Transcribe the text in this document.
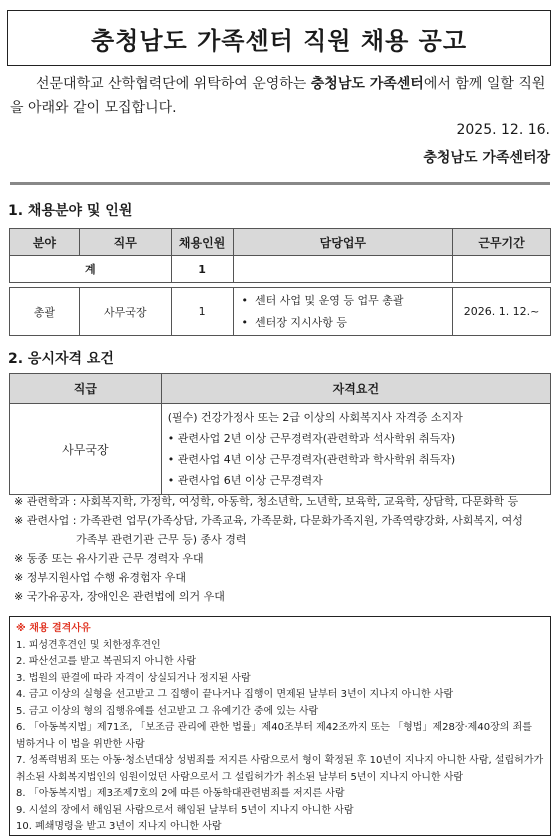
충청남도 가족센터 직원 채용 공고
선문대학교 산학협력단에 위탁하여 운영하는 충청남도 가족센터에서 함께 일할 직원을 아래와 같이 모집합니다.
2025. 12. 16.
충청남도 가족센터장
1. 채용분야 및 인원
분야	직무	채용인원	담당업무	근무기간
계		1		

총괄	사무국장	1	•  센터 사업 및 운영 등 업무 총괄
•  센터장 지시사항 등	2026. 1. 12.~
2. 응시자격 요건
직급	자격요건
사무국장	(필수) 건강가정사 또는 2급 이상의 사회복지사 자격증 소지자
• 관련사업 2년 이상 근무경력자(관련학과 석사학위 취득자)
• 관련사업 4년 이상 근무경력자(관련학과 학사학위 취득자)
• 관련사업 6년 이상 근무경력자
※ 관련학과 : 사회복지학, 가정학, 여성학, 아동학, 청소년학, 노년학, 보육학, 교육학, 상담학, 다문화학 등
※ 관련사업 : 가족관련 업무(가족상담, 가족교육, 가족문화, 다문화가족지원, 가족역량강화, 사회복지, 여성
가족부 관련기관 근무 등) 종사 경력
※ 동종 또는 유사기관 근무 경력자 우대
※ 정부지원사업 수행 유경험자 우대
※ 국가유공자, 장애인은 관련법에 의거 우대
※ 채용 결격사유
1. 피성견후견인 및 치한정후견인
2. 파산선고를 받고 복권되지 아니한 사람
3. 법원의 판결에 따라 자격이 상실되거나 정지된 사람
4. 금고 이상의 실형을 선고받고 그 집행이 끝나거나 집행이 면제된 날부터 3년이 지나지 아니한 사람
5. 금고 이상의 형의 집행유예를 선고받고 그 유예기간 중에 있는 사람
6. 「아동복지법」제71조, 「보조금 관리에 관한 법률」제40조부터 제42조까지 또는 「형법」제28장·제40장의 죄를 범하거나 이 법을 위반한 사람
7. 성폭력범죄 또는 아동·청소년대상 성범죄를 저지른 사람으로서 형이 확정된 후 10년이 지나지 아니한 사람, 설립허가가 취소된 사회복지법인의 임원이었던 사람으로서 그 설립허가가 취소된 날부터 5년이 지나지 아니한 사람
8. 「아동복지법」제3조제7호의 2에 따른 아동학대관련범죄를 저지른 사람
9. 시설의 장에서 해임된 사람으로서 해임된 날부터 5년이 지나지 아니한 사람
10. 폐쇄명령을 받고 3년이 지나지 아니한 사람
